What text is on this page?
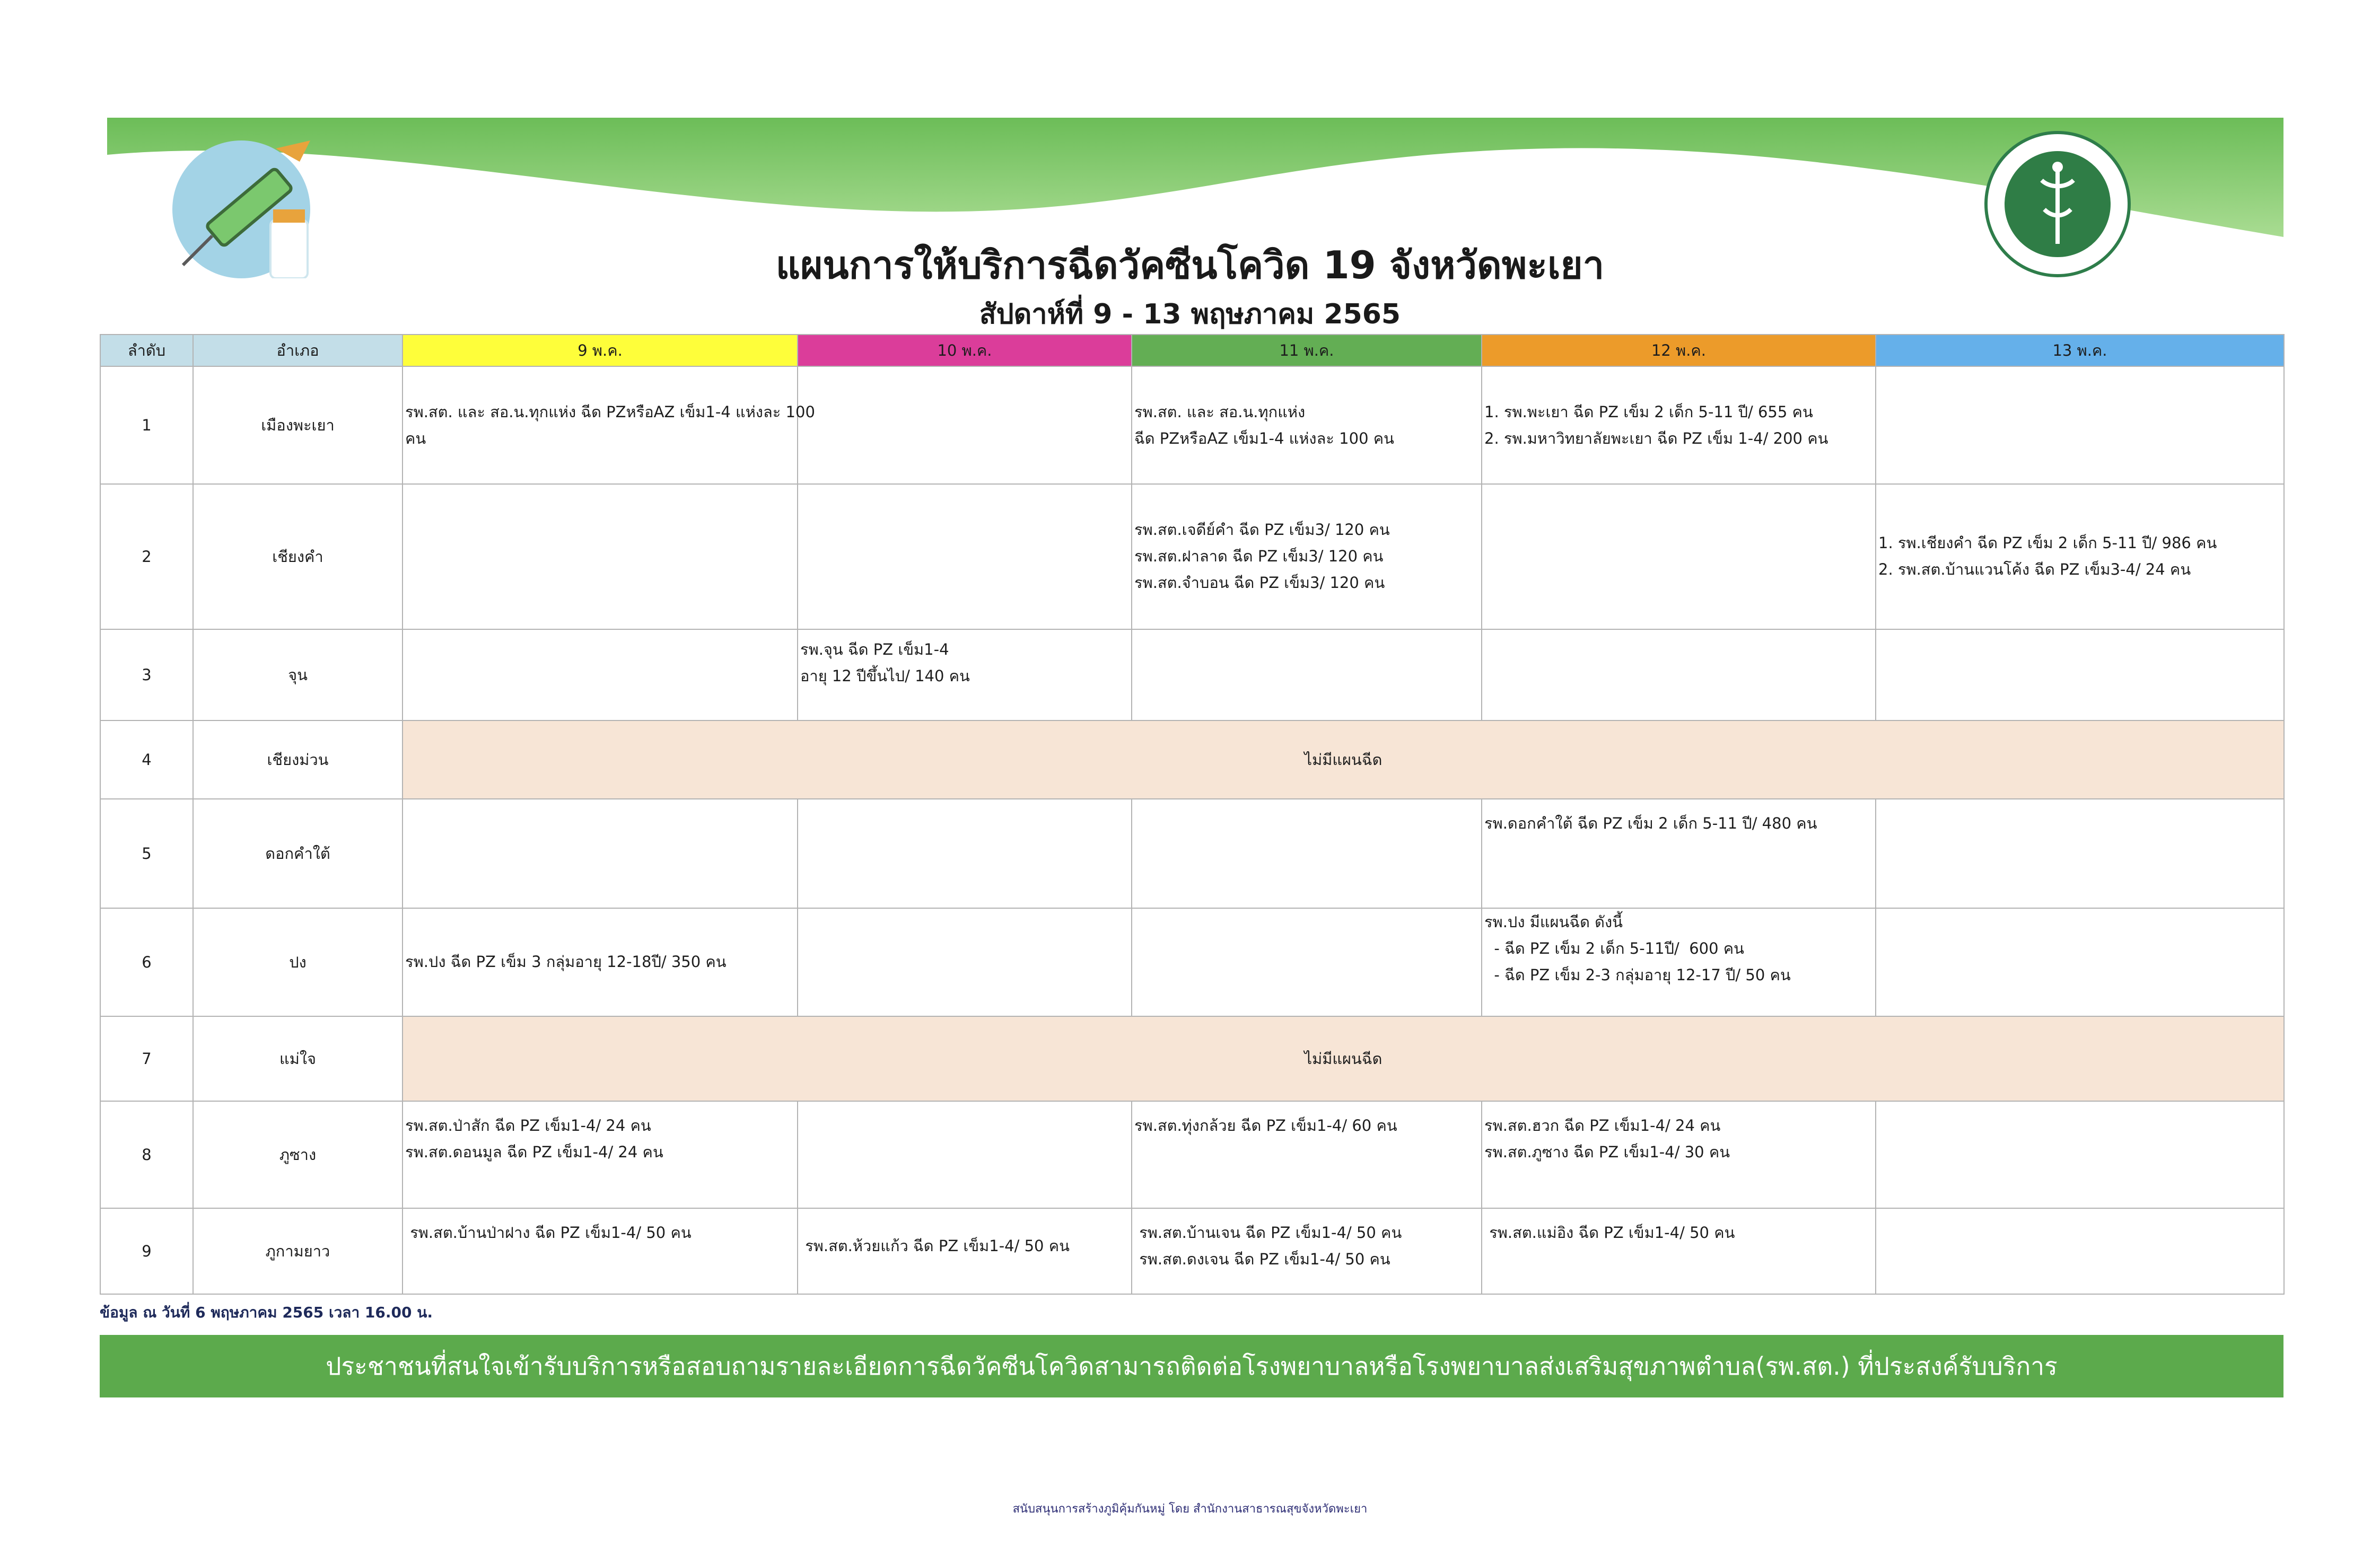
แผนการให้บริการฉีดวัคซีนโควิด 19 จังหวัดพะเยา
สัปดาห์ที่ 9 - 13 พฤษภาคม 2565
ลำดับ	อำเภอ	9 พ.ค.	10 พ.ค.	11 พ.ค.	12 พ.ค.	13 พ.ค.
1	เมืองพะเยา	รพ.สต. และ สอ.น.ทุกแห่ง ฉีด PZหรือAZ เข็ม1-4 แห่งละ 100
คน		รพ.สต. และ สอ.น.ทุกแห่ง
ฉีด PZหรือAZ เข็ม1-4 แห่งละ 100 คน	1. รพ.พะเยา ฉีด PZ เข็ม 2 เด็ก 5-11 ปี/ 655 คน
2. รพ.มหาวิทยาลัยพะเยา ฉีด PZ เข็ม 1-4/ 200 คน	

2	เชียงคำ			รพ.สต.เจดีย์คำ ฉีด PZ เข็ม3/ 120 คน
รพ.สต.ฝาลาด ฉีด PZ เข็ม3/ 120 คน
รพ.สต.จำบอน ฉีด PZ เข็ม3/ 120 คน		1. รพ.เชียงคำ ฉีด PZ เข็ม 2 เด็ก 5-11 ปี/ 986 คน
2. รพ.สต.บ้านแวนโค้ง ฉีด PZ เข็ม3-4/ 24 คน

3	จุน		รพ.จุน ฉีด PZ เข็ม1-4
อายุ 12 ปีขึ้นไป/ 140 คน			

4	เชียงม่วน	ไม่มีแผนฉีด				
5	ดอกคำใต้				รพ.ดอกคำใต้ ฉีด PZ เข็ม 2 เด็ก 5-11 ปี/ 480 คน	

6	ปง	รพ.ปง ฉีด PZ เข็ม 3 กลุ่มอายุ 12-18ปี/ 350 คน			รพ.ปง มีแผนฉีด ดังนี้
- ฉีด PZ เข็ม 2 เด็ก 5-11ปี/  600 คน
- ฉีด PZ เข็ม 2-3 กลุ่มอายุ 12-17 ปี/ 50 คน	

7	แม่ใจ	ไม่มีแผนฉีด				
8	ภูซาง	รพ.สต.ป่าสัก ฉีด PZ เข็ม1-4/ 24 คน
รพ.สต.ดอนมูล ฉีด PZ เข็ม1-4/ 24 คน		รพ.สต.ทุ่งกล้วย ฉีด PZ เข็ม1-4/ 60 คน	รพ.สต.ฮวก ฉีด PZ เข็ม1-4/ 24 คน
รพ.สต.ภูซาง ฉีด PZ เข็ม1-4/ 30 คน	

9	ภูกามยาว	รพ.สต.บ้านป่าฝาง ฉีด PZ เข็ม1-4/ 50 คน	รพ.สต.ห้วยแก้ว ฉีด PZ เข็ม1-4/ 50 คน	รพ.สต.บ้านเจน ฉีด PZ เข็ม1-4/ 50 คน
รพ.สต.ดงเจน ฉีด PZ เข็ม1-4/ 50 คน	รพ.สต.แม่อิง ฉีด PZ เข็ม1-4/ 50 คน	

ข้อมูล ณ วันที่ 6 พฤษภาคม 2565 เวลา 16.00 น.
ประชาชนที่สนใจเข้ารับบริการหรือสอบถามรายละเอียดการฉีดวัคซีนโควิดสามารถติดต่อโรงพยาบาลหรือโรงพยาบาลส่งเสริมสุขภาพตำบล(รพ.สต.) ที่ประสงค์รับบริการ
สนับสนุนการสร้างภูมิคุ้มกันหมู่ โดย สำนักงานสาธารณสุขจังหวัดพะเยา
